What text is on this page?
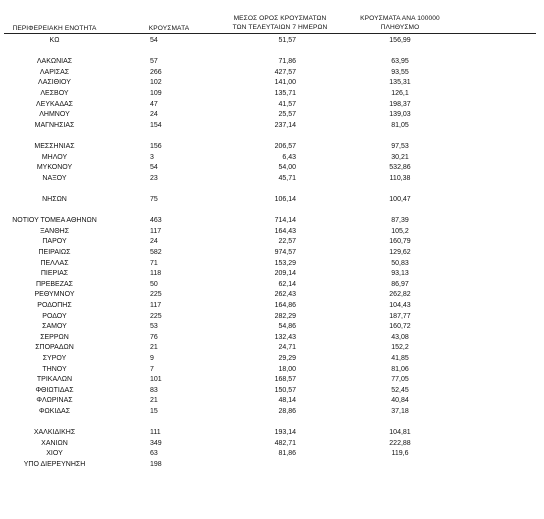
ΠΕΡΙΦΕΡΕΙΑΚΗ ΕΝΟΤΗΤΑ	ΚΡΟΥΣΜΑΤΑ
ΜΕΣΟΣ ΟΡΟΣ ΚΡΟΥΣΜΑΤΩΝ
ΤΩΝ ΤΕΛΕΥΤΑΙΩΝ 7 ΗΜΕΡΩΝ
ΚΡΟΥΣΜΑΤΑ ΑΝΑ 100000
ΠΛΗΘΥΣΜΟ
ΚΩ	54	51,57	156,99
ΛΑΚΩΝΙΑΣ	57	71,86	63,95
ΛΑΡΙΣΑΣ	266	427,57	93,55
ΛΑΣΙΘΙΟΥ	102	141,00	135,31
ΛΕΣΒΟΥ	109	135,71	126,1
ΛΕΥΚΑΔΑΣ	47	41,57	198,37
ΛΗΜΝΟΥ	24	25,57	139,03
ΜΑΓΝΗΣΙΑΣ	154	237,14	81,05
ΜΕΣΣΗΝΙΑΣ	156	206,57	97,53
ΜΗΛΟΥ	3	6,43	30,21
ΜΥΚΟΝΟΥ	54	54,00	532,86
ΝΑΞΟΥ	23	45,71	110,38
ΝΗΣΩΝ	75	106,14	100,47
ΝΟΤΙΟΥ ΤΟΜΕΑ ΑΘΗΝΩΝ	463	714,14	87,39
ΞΑΝΘΗΣ	117	164,43	105,2
ΠΑΡΟΥ	24	22,57	160,79
ΠΕΙΡΑΙΩΣ	582	974,57	129,62
ΠΕΛΛΑΣ	71	153,29	50,83
ΠΙΕΡΙΑΣ	118	209,14	93,13
ΠΡΕΒΕΖΑΣ	50	62,14	86,97
ΡΕΘΥΜΝΟΥ	225	262,43	262,82
ΡΟΔΟΠΗΣ	117	164,86	104,43
ΡΟΔΟΥ	225	282,29	187,77
ΣΑΜΟΥ	53	54,86	160,72
ΣΕΡΡΩΝ	76	132,43	43,08
ΣΠΟΡΑΔΩΝ	21	24,71	152,2
ΣΥΡΟΥ	9	29,29	41,85
ΤΗΝΟΥ	7	18,00	81,06
ΤΡΙΚΑΛΩΝ	101	168,57	77,05
ΦΘΙΩΤΙΔΑΣ	83	150,57	52,45
ΦΛΩΡΙΝΑΣ	21	48,14	40,84
ΦΩΚΙΔΑΣ	15	28,86	37,18
ΧΑΛΚΙΔΙΚΗΣ	111	193,14	104,81
ΧΑΝΙΩΝ	349	482,71	222,88
ΧΙΟΥ	63	81,86	119,6
ΥΠΟ ΔΙΕΡΕΥΝΗΣΗ	198
